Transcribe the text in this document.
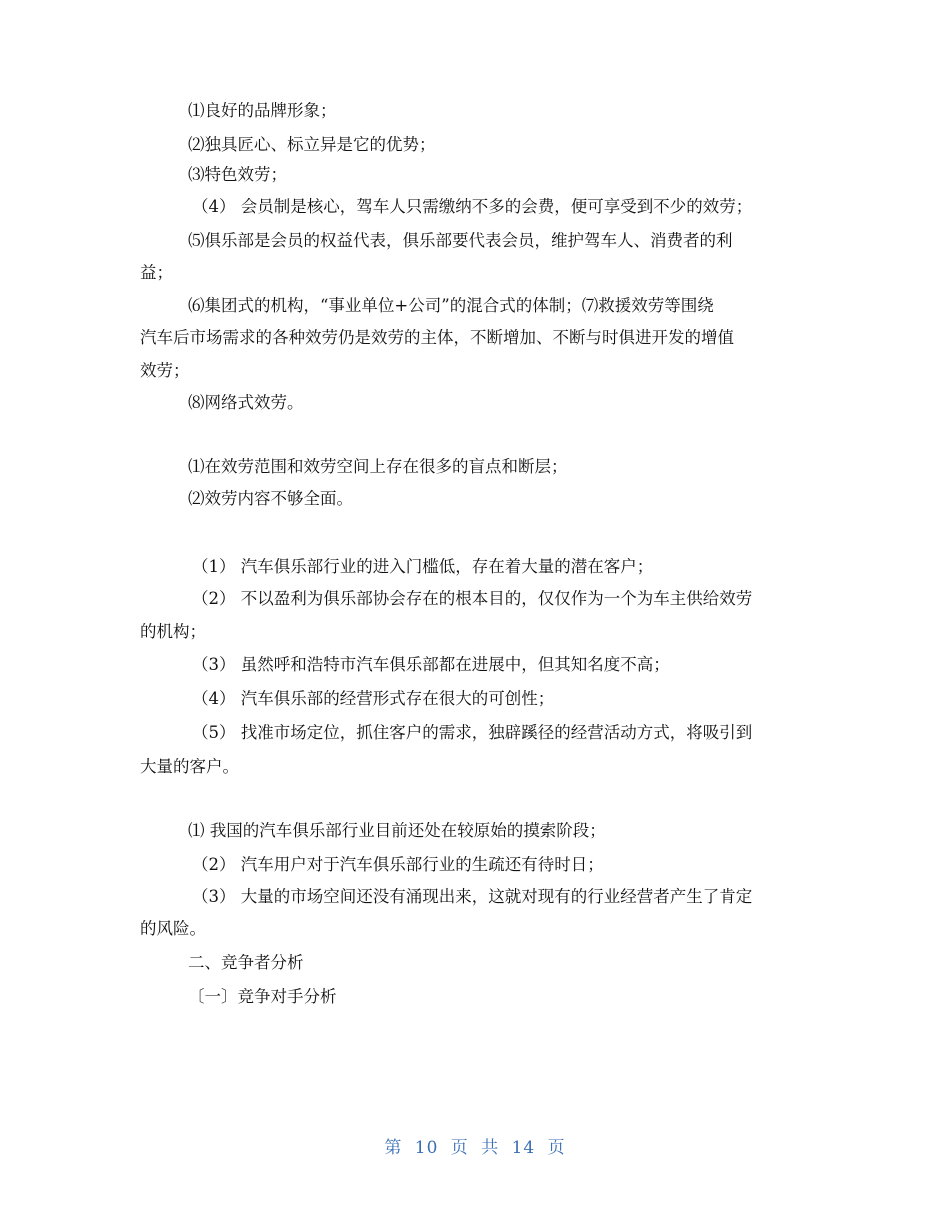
⑴良好的品牌形象；
⑵独具匠心、标立异是它的优势；
⑶特色效劳；
（4） 会员制是核心，驾车人只需缴纳不多的会费，便可享受到不少的效劳；
⑸俱乐部是会员的权益代表，俱乐部要代表会员，维护驾车人、消费者的利
益；
⑹集团式的机构，“事业单位+公司”的混合式的体制；⑺救援效劳等围绕
汽车后市场需求的各种效劳仍是效劳的主体，不断增加、不断与时俱进开发的增值
效劳；
⑻网络式效劳。
⑴在效劳范围和效劳空间上存在很多的盲点和断层；
⑵效劳内容不够全面。
（1） 汽车俱乐部行业的进入门槛低，存在着大量的潜在客户；
（2） 不以盈利为俱乐部协会存在的根本目的，仅仅作为一个为车主供给效劳
的机构；
（3） 虽然呼和浩特市汽车俱乐部都在进展中，但其知名度不高；
（4） 汽车俱乐部的经营形式存在很大的可创性；
（5） 找准市场定位，抓住客户的需求，独辟蹊径的经营活动方式，将吸引到
大量的客户。
⑴ 我国的汽车俱乐部行业目前还处在较原始的摸索阶段；
（2） 汽车用户对于汽车俱乐部行业的生疏还有待时日；
（3） 大量的市场空间还没有涌现出来，这就对现有的行业经营者产生了肯定
的风险。
二、竞争者分析
〔一〕竞争对手分析
第 10 页 共 14 页
